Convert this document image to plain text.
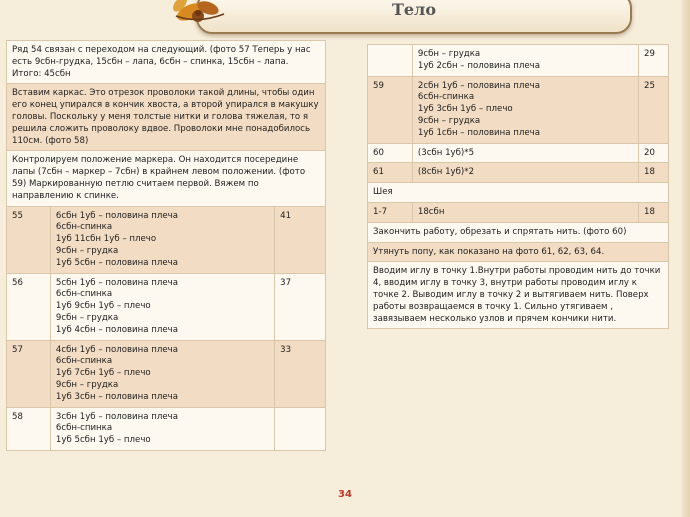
Тело
Ряд 54 связан с переходом на следующий. (фото 57 Теперь у нас есть 9сбн-грудка, 15сбн – лапа, 6сбн – спинка, 15сбн – лапа. Итого: 45сбн		
Вставим каркас. Это отрезок проволоки такой длины, чтобы один его конец упирался в кончик хвоста, а второй упирался в макушку головы. Поскольку у меня толстые нитки и голова тяжелая, то я решила сложить проволоку вдвое. Проволоки мне понадобилось 110см. (фото 58)		
Контролируем положение маркера. Он находится посередине лапы (7сбн – маркер – 7сбн) в крайнем левом положении. (фото 59) Маркированную петлю считаем первой. Вяжем по направлению к спинке.		
55	6сбн 1уб – половина плеча
6сбн-спинка
1уб 11сбн 1уб – плечо
9сбн – грудка
1уб 5сбн – половина плеча	41
56	5сбн 1уб – половина плеча
6сбн-спинка
1уб 9сбн 1уб – плечо
9сбн – грудка
1уб 4сбн – половина плеча	37
57	4сбн 1уб – половина плеча
6сбн-спинка
1уб 7сбн 1уб – плечо
9сбн – грудка
1уб 3сбн – половина плеча	33
58	3сбн 1уб – половина плеча
6сбн-спинка
1уб 5сбн 1уб – плечо	

	9сбн – грудка
1уб 2сбн – половина плеча	29
59	2сбн 1уб – половина плеча
6сбн-спинка
1уб 3сбн 1уб – плечо
9сбн – грудка
1уб 1сбн – половина плеча	25
60	(3сбн 1уб)*5	20
61	(8сбн 1уб)*2	18
Шея		
1-7	18сбн	18
Закончить работу, обрезать и спрятать нить. (фото 60)		
Утянуть попу, как показано на фото 61, 62, 63, 64.		
Вводим иглу в точку 1.Внутри работы проводим нить до точки 4, вводим иглу в точку 3, внутри работы проводим иглу к точке 2. Выводим иглу в точку 2 и вытягиваем нить. Поверх работы возвращаемся в точку 1. Сильно утягиваем , завязываем несколько узлов и прячем кончики нити.		
34
